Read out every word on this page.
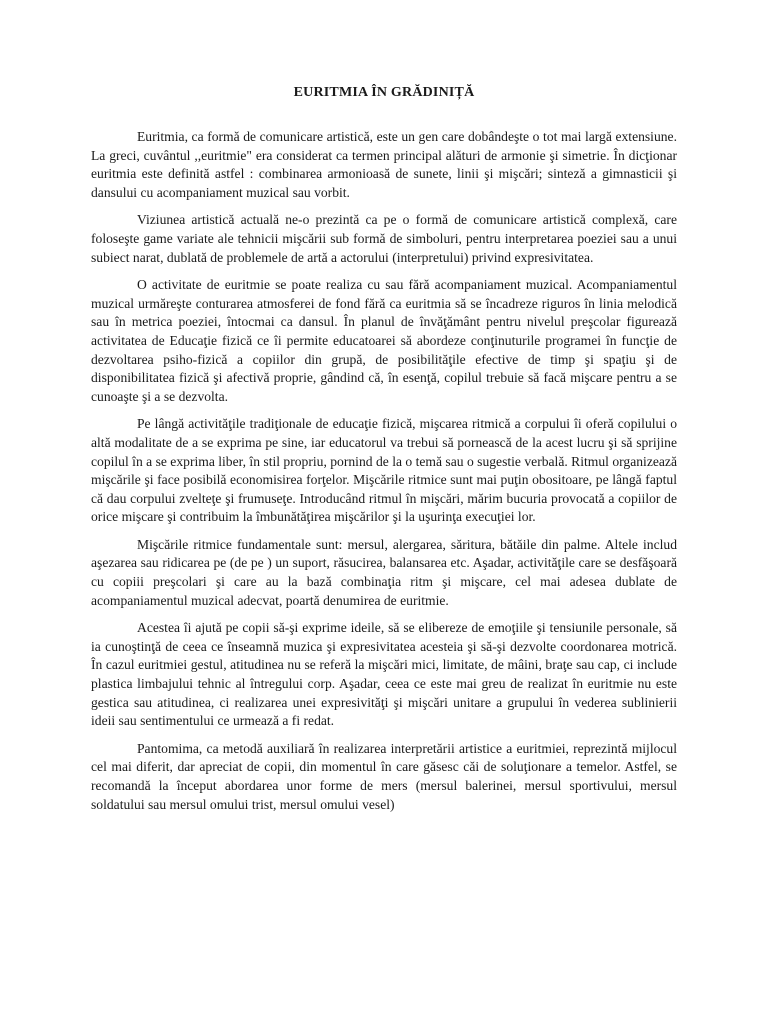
EURITMIA ÎN GRĂDINIȚĂ

Euritmia, ca formă de comunicare artistică, este un gen care dobândeşte o tot mai largă extensiune. La greci, cuvântul ,,euritmie" era considerat ca termen principal alături de armonie şi simetrie. În dicţionar euritmia este definită astfel : combinarea armonioasă de sunete, linii şi mişcări; sinteză a gimnasticii şi dansului cu acompaniament muzical sau vorbit.

Viziunea artistică actuală ne-o prezintă ca pe o formă de comunicare artistică complexă, care foloseşte game variate ale tehnicii mişcării sub formă de simboluri, pentru interpretarea poeziei sau a unui subiect narat, dublată de problemele de artă a actorului (interpretului) privind expresivitatea.

O activitate de euritmie se poate realiza cu sau fără acompaniament muzical. Acompaniamentul muzical urmăreşte conturarea atmosferei de fond fără ca euritmia să se încadreze riguros în linia melodică sau în metrica poeziei, întocmai ca dansul. În planul de învăţământ pentru nivelul preşcolar figurează activitatea de Educaţie fizică ce îi permite educatoarei să abordeze conţinuturile programei în funcţie de dezvoltarea psiho-fizică a copiilor din grupă, de posibilităţile efective de timp şi spaţiu şi de disponibilitatea fizică şi afectivă proprie, gândind că, în esenţă, copilul trebuie să facă mişcare pentru a se cunoaşte şi a se dezvolta.

Pe lângă activităţile tradiţionale de educaţie fizică, mişcarea ritmică a corpului îi oferă copilului o altă modalitate de a se exprima pe sine, iar educatorul va trebui să pornească de la acest lucru şi să sprijine copilul în a se exprima liber, în stil propriu, pornind de la o temă sau o sugestie verbală. Ritmul organizează mişcările şi face posibilă economisirea forţelor. Mişcările ritmice sunt mai puţin obositoare, pe lângă faptul că dau corpului zvelteţe şi frumuseţe. Introducând ritmul în mişcări, mărim bucuria provocată a copiilor de orice mişcare şi contribuim la îmbunătăţirea mişcărilor şi la uşurinţa execuţiei lor.

Mişcările ritmice fundamentale sunt: mersul, alergarea, săritura, bătăile din palme. Altele includ aşezarea sau ridicarea pe (de pe ) un suport, răsucirea, balansarea etc. Aşadar, activităţile care se desfăşoară cu copiii preşcolari şi care au la bază combinaţia ritm şi mişcare, cel mai adesea dublate de acompaniamentul muzical adecvat, poartă denumirea de euritmie.

Acestea îi ajută pe copii să-şi exprime ideile, să se elibereze de emoţiile şi tensiunile personale, să ia cunoştinţă de ceea ce înseamnă muzica şi expresivitatea acesteia şi să-şi dezvolte coordonarea motrică. În cazul euritmiei gestul, atitudinea nu se referă la mişcări mici, limitate, de mâini, braţe sau cap, ci include plastica limbajului tehnic al întregului corp. Aşadar, ceea ce este mai greu de realizat în euritmie nu este gestica sau atitudinea, ci realizarea unei expresivităţi şi mişcări unitare a grupului în vederea sublinierii ideii sau sentimentului ce urmează a fi redat.

Pantomima, ca metodă auxiliară în realizarea interpretării artistice a euritmiei, reprezintă mijlocul cel mai diferit, dar apreciat de copii, din momentul în care găsesc căi de soluţionare a temelor. Astfel, se recomandă la început abordarea unor forme de mers (mersul balerinei, mersul sportivului, mersul soldatului sau mersul omului trist, mersul omului vesel)
